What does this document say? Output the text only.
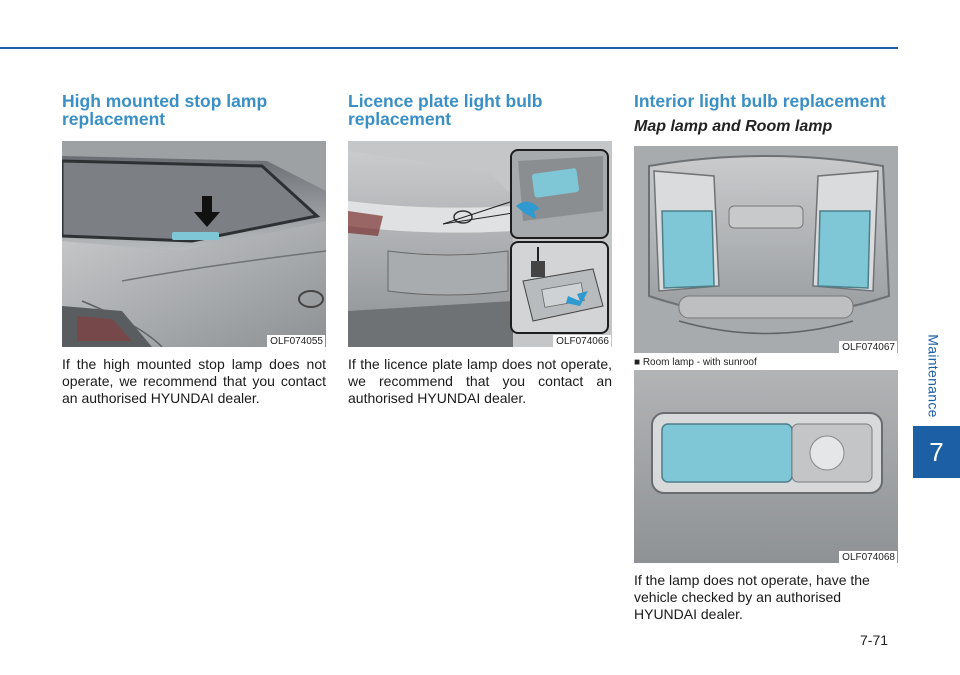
Maintenance
7
High mounted stop lamp replacement
OLF074055
If the high mounted stop lamp does not operate, we recommend that you contact an authorised HYUNDAI dealer.
Licence plate light bulb replacement
OLF074066
If the licence plate lamp does not operate, we recommend that you contact an authorised HYUNDAI dealer.
Interior light bulb replacement
Map lamp and Room lamp
OLF074067
■ Room lamp - with sunroof
OLF074068
If the lamp does not operate, have the vehicle checked by an authorised HYUNDAI dealer.
7-71
